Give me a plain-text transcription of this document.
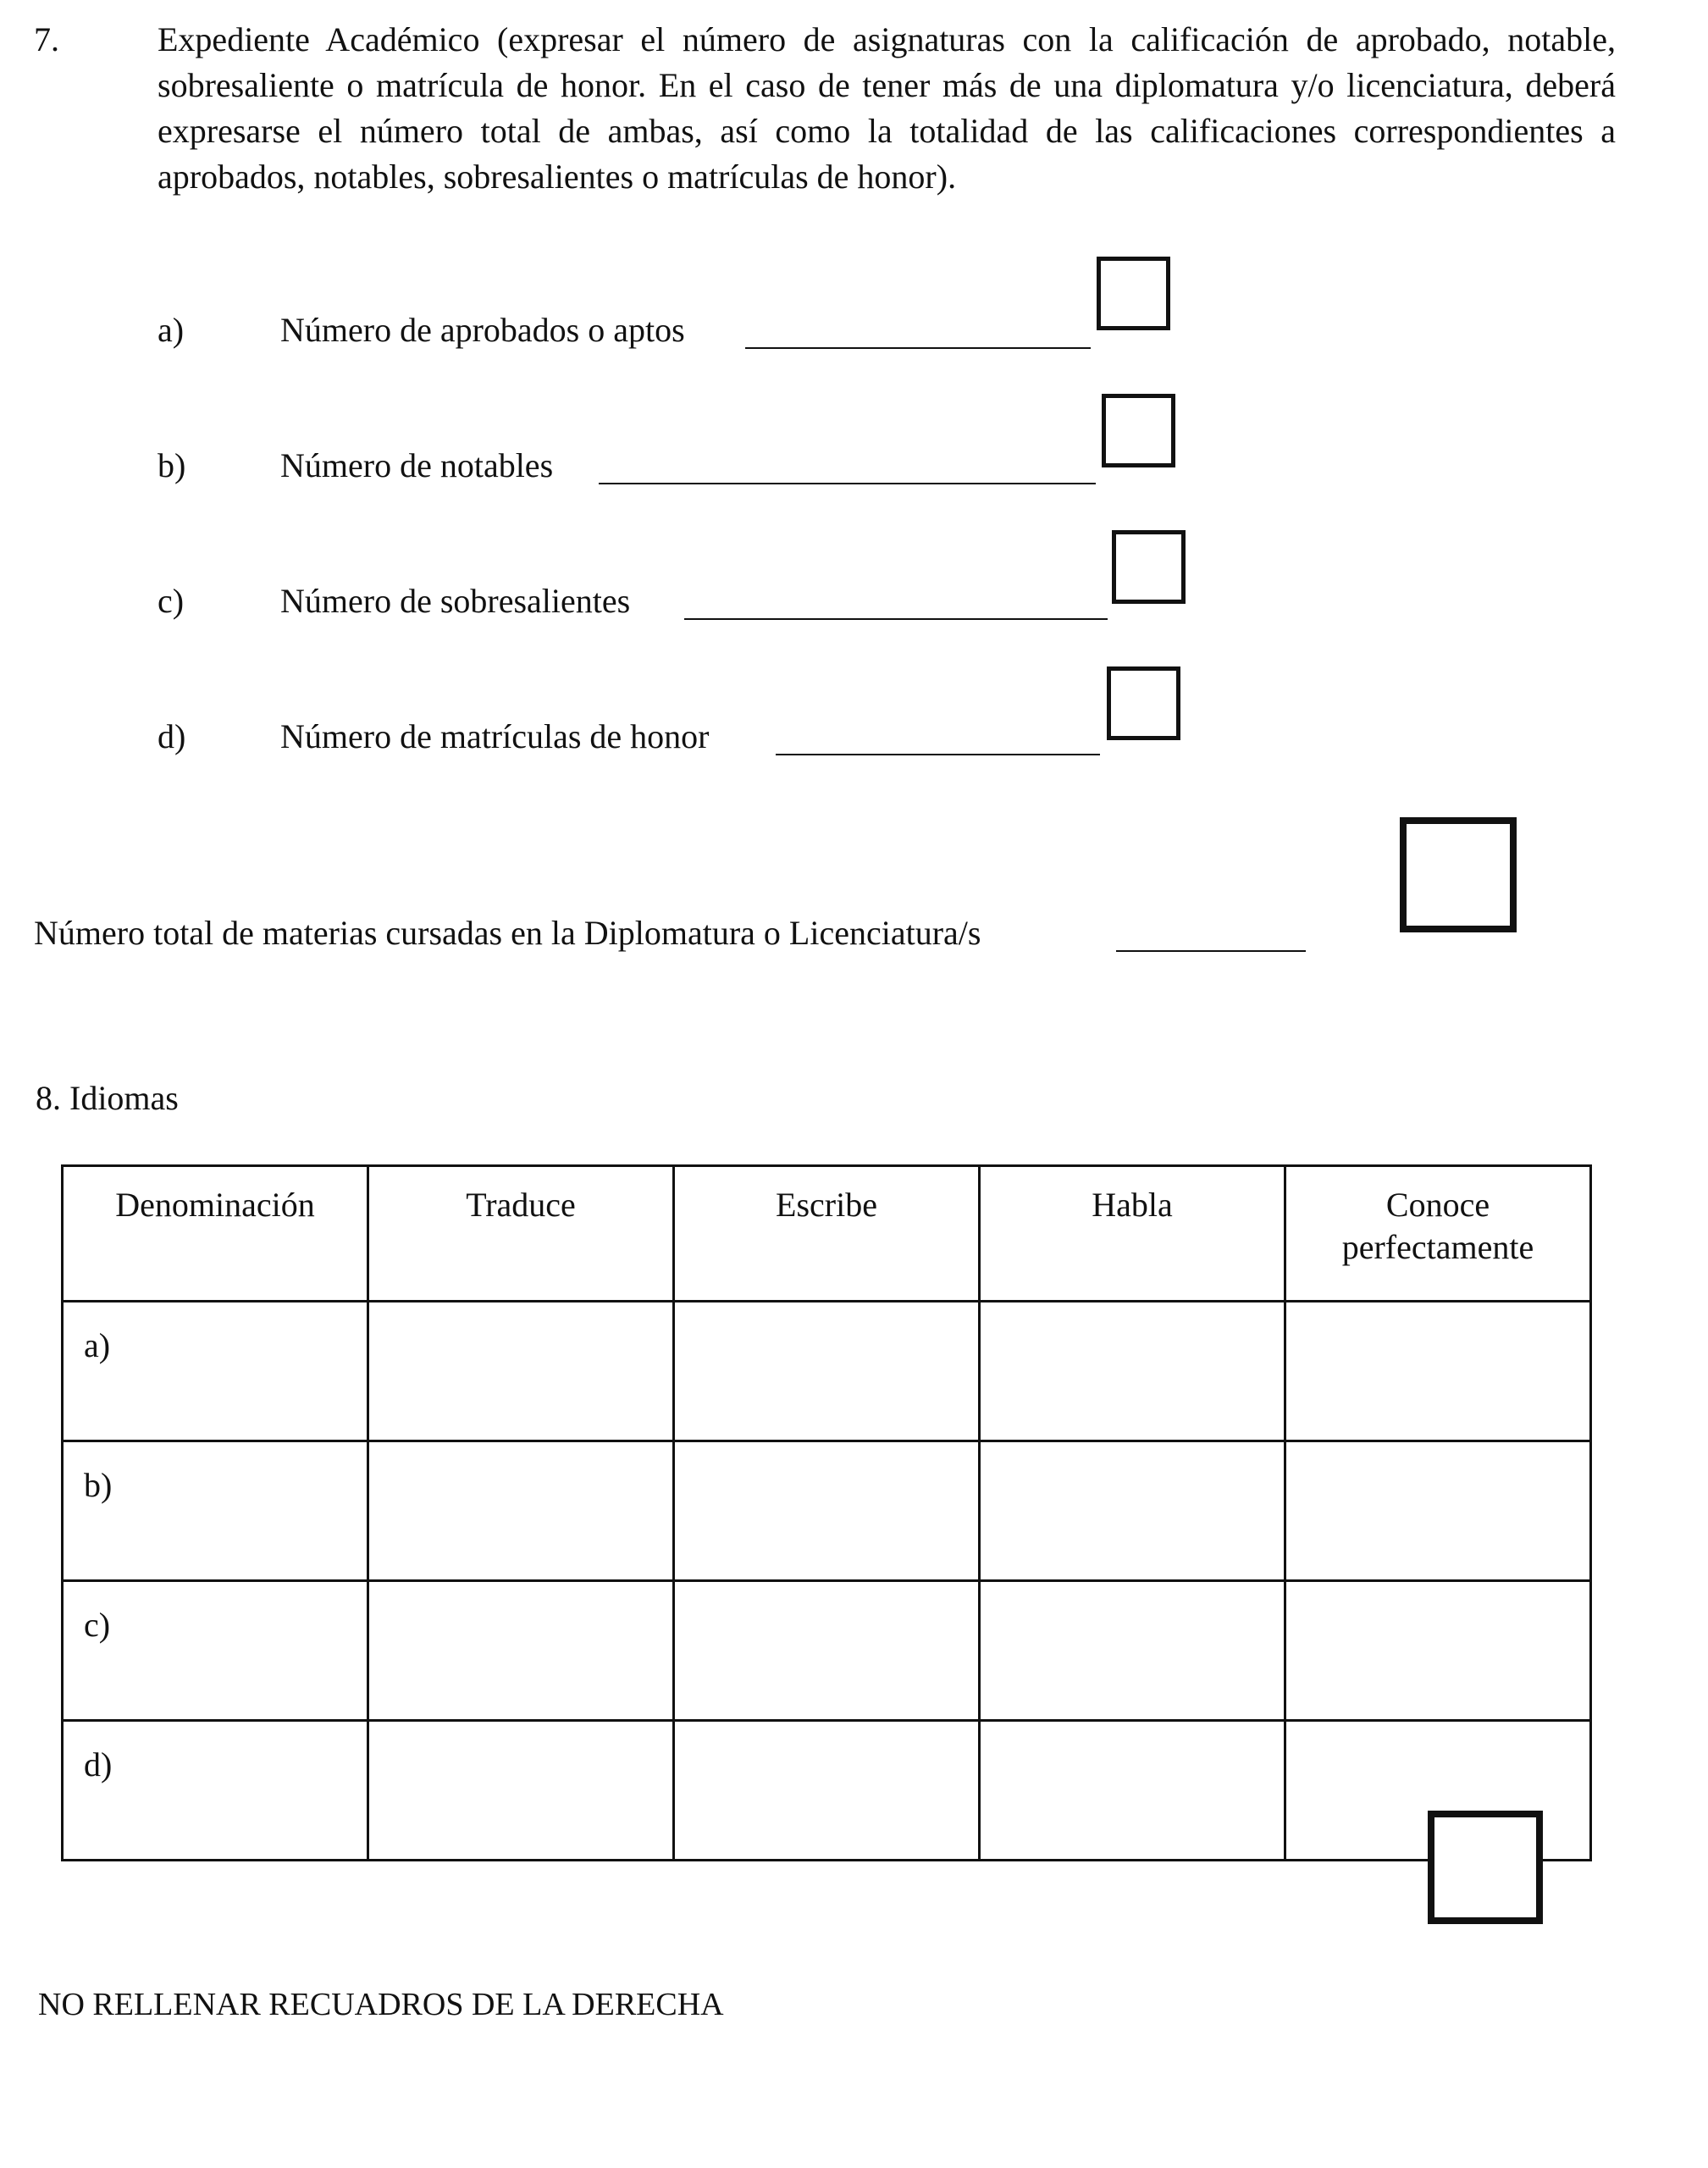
7.	Expediente Académico (expresar el número de asignaturas con la calificación de aprobado, notable, sobresaliente o matrícula de honor. En el caso de tener más de una diplomatura y/o licenciatura, deberá expresarse el número total de ambas, así como la totalidad de las calificaciones correspondientes a aprobados, notables, sobresalientes o matrículas de honor).
a)	Número de aprobados o aptos
b)	Número de notables
c)	Número de sobresalientes
d)	Número de matrículas de honor
Número total de materias cursadas en la Diplomatura o Licenciatura/s
8. Idiomas
Denominación	Traduce	Escribe	Habla	Conoce perfectamente
a)				
b)				
c)				
d)				
NO RELLENAR RECUADROS DE LA DERECHA
